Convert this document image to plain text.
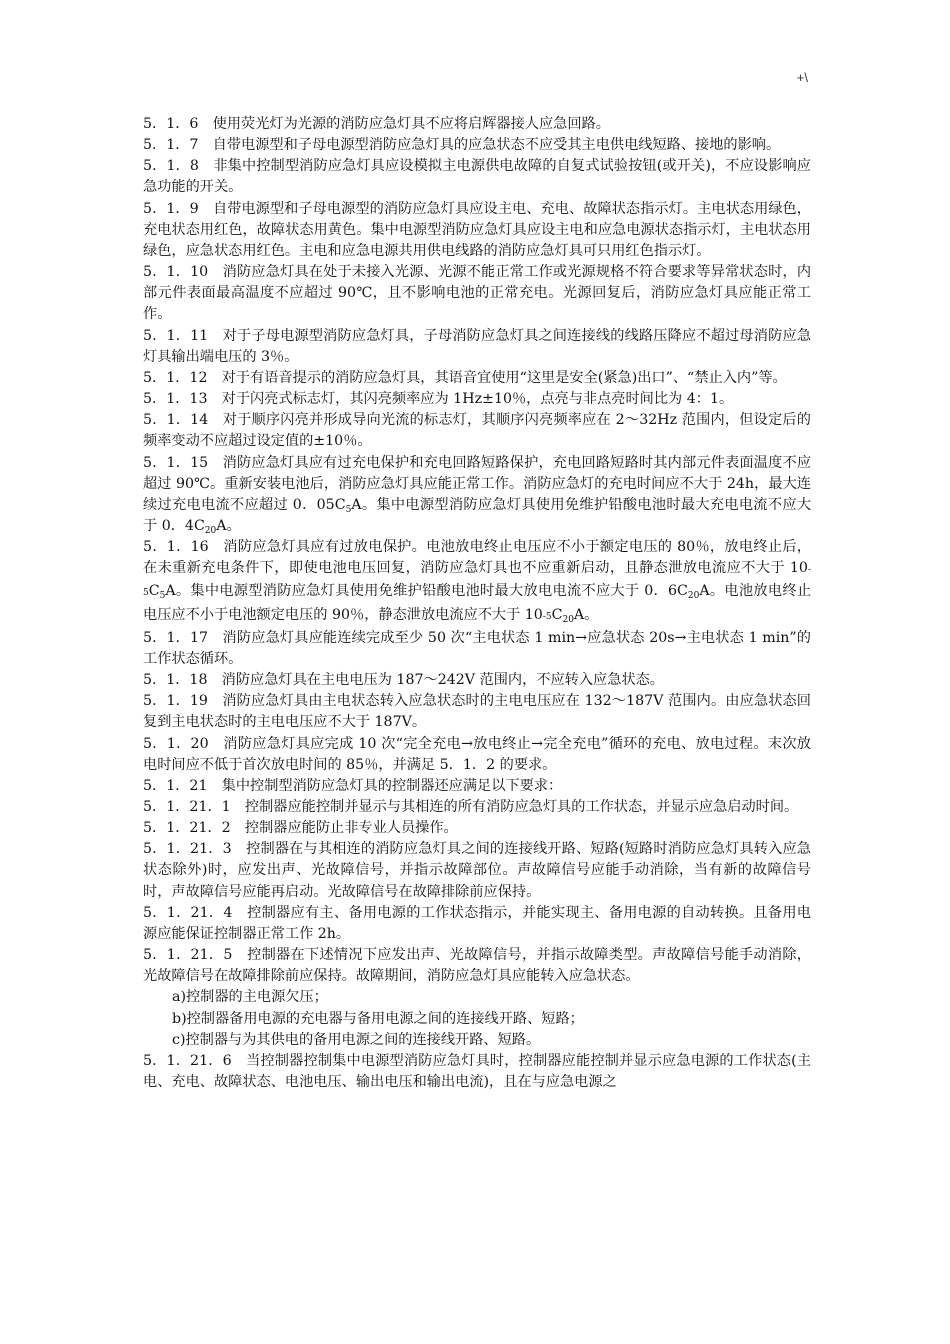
+\

5．1．6　使用荧光灯为光源的消防应急灯具不应将启辉器接人应急回路。

5．1．7　自带电源型和子母电源型消防应急灯具的应急状态不应受其主电供电线短路、接地的影响。

5．1．8　非集中控制型消防应急灯具应设模拟主电源供电故障的自复式试验按钮(或开关)，不应设影响应急功能的开关。

5．1．9　自带电源型和子母电源型的消防应急灯具应设主电、充电、故障状态指示灯。主电状态用绿色，充电状态用红色，故障状态用黄色。集中电源型消防应急灯具应设主电和应急电源状态指示灯，主电状态用绿色，应急状态用红色。主电和应急电源共用供电线路的消防应急灯具可只用红色指示灯。

5．1．10　消防应急灯具在处于未接入光源、光源不能正常工作或光源规格不符合要求等异常状态时，内部元件表面最高温度不应超过 90℃，且不影响电池的正常充电。光源回复后，消防应急灯具应能正常工作。

5．1．11　对于子母电源型消防应急灯具，子母消防应急灯具之间连接线的线路压降应不超过母消防应急灯具输出端电压的 3％。

5．1．12　对于有语音提示的消防应急灯具，其语音宜使用“这里是安全(紧急)出口”、“禁止入内”等。

5．1．13　对于闪亮式标志灯，其闪亮频率应为 1Hz±10％，点亮与非点亮时间比为 4：1。

5．1．14　对于顺序闪亮并形成导向光流的标志灯，其顺序闪亮频率应在 2～32Hz 范围内，但设定后的频率变动不应超过设定值的±10％。

5．1．15　消防应急灯具应有过充电保护和充电回路短路保护，充电回路短路时其内部元件表面温度不应超过 90℃。重新安装电池后，消防应急灯具应能正常工作。消防应急灯的充电时间应不大于 24h，最大连续过充电电流不应超过 0．$05C_5A$。集中电源型消防应急灯具使用免维护铅酸电池时最大充电电流不应大于 0．$4C_{20}A$。

5．1．16　消防应急灯具应有过放电保护。电池放电终止电压应不小于额定电压的 80％，放电终止后，在未重新充电条件下，即使电池电压回复，消防应急灯具也不应重新启动，且静态泄放电流应不大于 $10-5C_5A$。集中电源型消防应急灯具使用免维护铅酸电池时最大放电电流不应大于 0．$6C_{20}A$。电池放电终止电压应不小于电池额定电压的 90％，静态泄放电流应不大于 $10-5C_{20}A$。

5．1．17　消防应急灯具应能连续完成至少 50 次“主电状态 1 min→应急状态 20s→主电状态 1 min”的工作状态循环。

5．1．18　消防应急灯具在主电电压为 187～242V 范围内，不应转入应急状态。

5．1．19　消防应急灯具由主电状态转入应急状态时的主电电压应在 132～187V 范围内。由应急状态回复到主电状态时的主电电压应不大于 187V。

5．1．20　消防应急灯具应完成 10 次“完全充电→放电终止→完全充电”循环的充电、放电过程。末次放电时间应不低于首次放电时间的 85％，并满足 5．1．2 的要求。

5．1．21　集中控制型消防应急灯具的控制器还应满足以下要求：

5．1．21．1　控制器应能控制并显示与其相连的所有消防应急灯具的工作状态，并显示应急启动时间。

5．1．21．2　控制器应能防止非专业人员操作。

5．1．21．3　控制器在与其相连的消防应急灯具之间的连接线开路、短路(短路时消防应急灯具转入应急状态除外)时，应发出声、光故障信号，并指示故障部位。声故障信号应能手动消除，当有新的故障信号时，声故障信号应能再启动。光故障信号在故障排除前应保持。

5．1．21．4　控制器应有主、备用电源的工作状态指示，并能实现主、备用电源的自动转换。且备用电源应能保证控制器正常工作 2h。

5．1．21．5　控制器在下述情况下应发出声、光故障信号，并指示故障类型。声故障信号能手动消除，光故障信号在故障排除前应保持。故障期间，消防应急灯具应能转入应急状态。

a)控制器的主电源欠压；

b)控制器备用电源的充电器与备用电源之间的连接线开路、短路；

c)控制器与为其供电的备用电源之间的连接线开路、短路。

5．1．21．6　当控制器控制集中电源型消防应急灯具时，控制器应能控制并显示应急电源的工作状态(主电、充电、故障状态、电池电压、输出电压和输出电流)，且在与应急电源之
